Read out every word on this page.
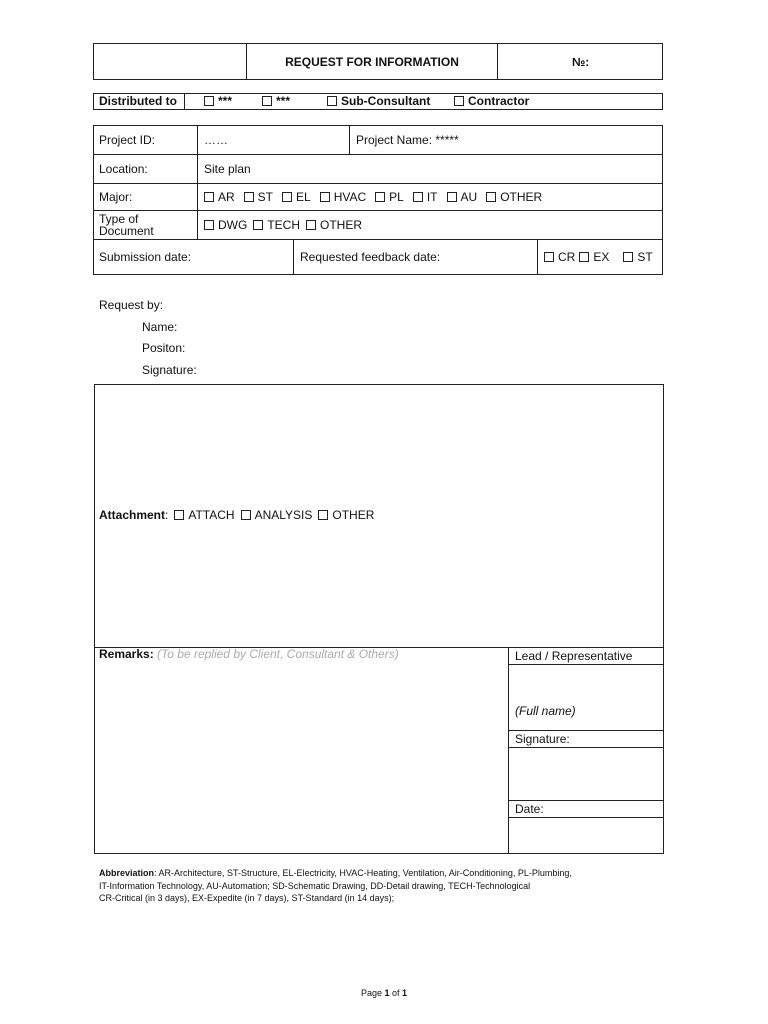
REQUEST FOR INFORMATION	№:
Distributed to	***	***	Sub-Consultant	Contractor
Project ID:	……	Project Name: *****
Location:	Site plan
Major:	AR ST EL HVAC PL IT AU OTHER
Type of Document	DWG TECH OTHER
Submission date:	Requested feedback date:	CR EX ST
Request by:
Name:
Positon:
Signature:
Attachment : ATTACH ANALYSIS OTHER
Remarks: (To be replied by Client, Consultant & Others)	Lead / Representative
(Full name)
Signature:
Date:
Abbreviation: AR-Architecture, ST-Structure, EL-Electricity, HVAC-Heating, Ventilation, Air-Conditioning, PL-Plumbing,
IT-Information Technology, AU-Automation; SD-Schematic Drawing, DD-Detail drawing, TECH-Technological
CR-Critical (in 3 days), EX-Expedite (in 7 days), ST-Standard (in 14 days);
Page 1 of 1
